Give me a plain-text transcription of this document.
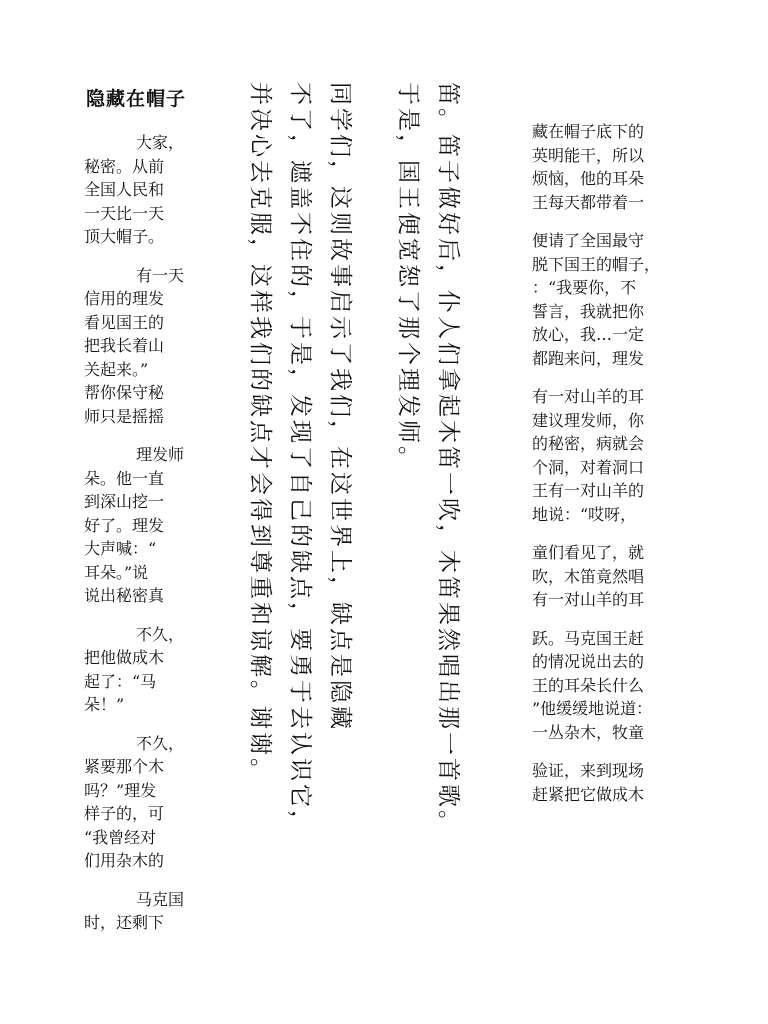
隐藏在帽子
大家，
秘密。从前
全国人民和
一天比一天
顶大帽子。
有一天
信用的理发
看见国王的
把我长着山
关起来。”
帮你保守秘
师只是摇摇
理发师
朵。他一直
到深山挖一
好了。理发
大声喊：“
耳朵。”说
说出秘密真
不久，
把他做成木
起了：“马
朵！”
不久，
紧要那个木
吗？”理发
样子的，可
“我曾经对
们用杂木的
马克国
时，还剩下
藏在帽子底下的
英明能干，所以
烦恼，他的耳朵
王每天都带着一
便请了全国最守
脱下国王的帽子，
：“我要你，不
誓言，我就把你
放心，我…一定
都跑来问，理发
有一对山羊的耳
建议理发师，你
的秘密，病就会
个洞，对着洞口
王有一对山羊的
地说：“哎呀，
童们看见了，就
吹，木笛竟然唱
有一对山羊的耳
跃。马克国王赶
的情况说出去的
王的耳朵长什么
”他缓缓地说道：
一丛杂木，牧童
验证，来到现场
赶紧把它做成木
笛。笛子做好后，仆人们拿起木笛一吹，木笛果然唱出那一首歌。
于是，国王便宽恕了那个理发师。
同学们，这则故事启示了我们，在这世界上，缺点是隐藏
不了，遮盖不住的，于是，发现了自己的缺点，要勇于去认识它，
并决心去克服，这样我们的缺点才会得到尊重和谅解。谢谢。
